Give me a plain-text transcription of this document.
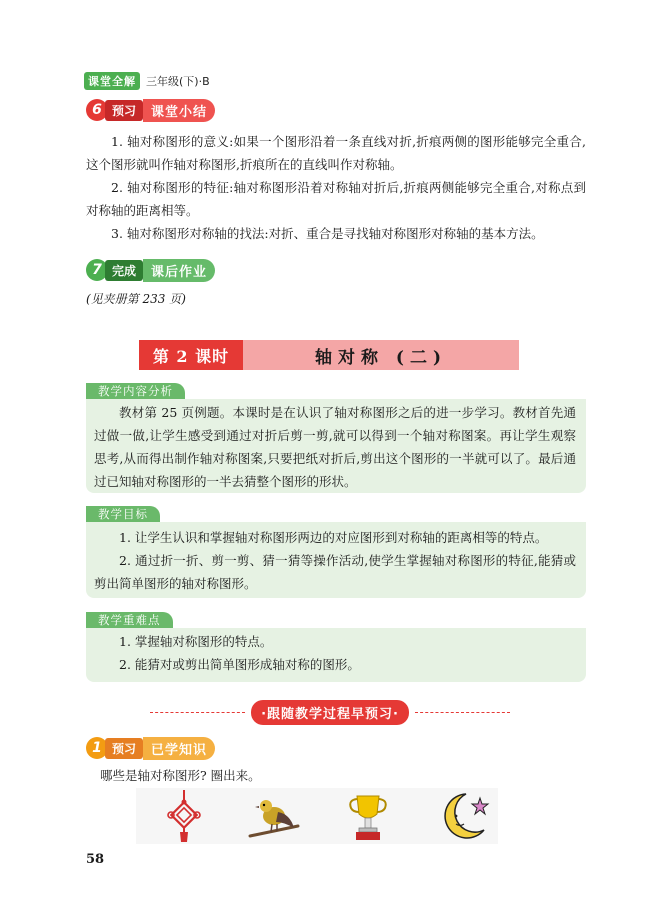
课堂全解 三年级(下)·B
6 预习	课堂小结

1. 轴对称图形的意义:如果一个图形沿着一条直线对折,折痕两侧的图形能够完全重合,这个图形就叫作轴对称图形,折痕所在的直线叫作对称轴。

2. 轴对称图形的特征:轴对称图形沿着对称轴对折后,折痕两侧能够完全重合,对称点到对称轴的距离相等。

3. 轴对称图形对称轴的找法:对折、重合是寻找轴对称图形对称轴的基本方法。

7 完成	课后作业

(见夹册第 233 页)

第 2 课时	轴对称 (二)
教学内容分析

教材第 25 页例题。本课时是在认识了轴对称图形之后的进一步学习。教材首先通过做一做,让学生感受到通过对折后剪一剪,就可以得到一个轴对称图案。再让学生观察思考,从而得出制作轴对称图案,只要把纸对折后,剪出这个图形的一半就可以了。最后通过已知轴对称图形的一半去猜整个图形的形状。

教学目标

1. 让学生认识和掌握轴对称图形两边的对应图形到对称轴的距离相等的特点。

2. 通过折一折、剪一剪、猜一猜等操作活动,使学生掌握轴对称图形的特征,能猜或剪出简单图形的轴对称图形。

教学重难点

1. 掌握轴对称图形的特点。

2. 能猜对或剪出简单图形成轴对称的图形。

·跟随教学过程早预习·
1 预习	已学知识

哪些是轴对称图形? 圈出来。

58
